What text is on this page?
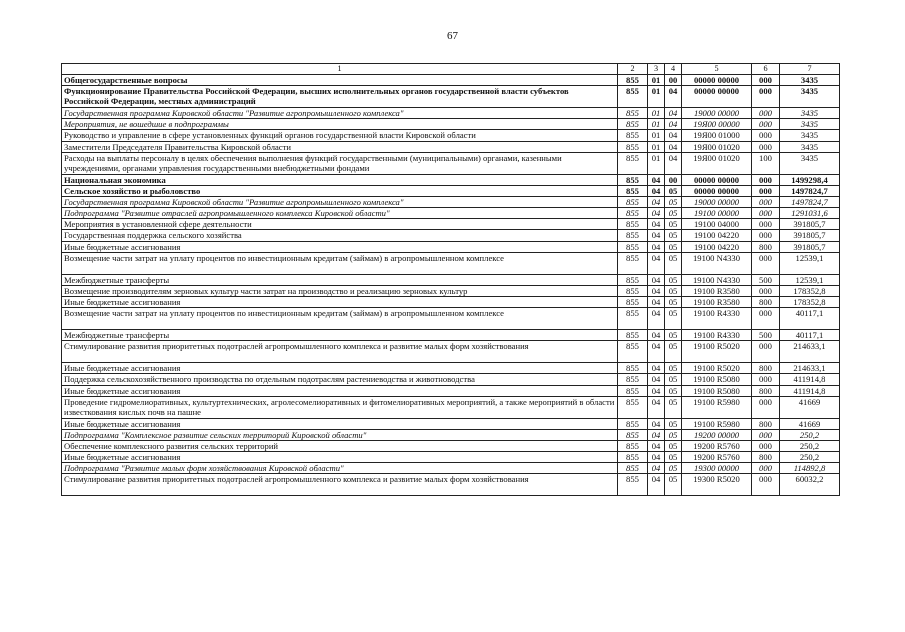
67
1	2	3	4	5	6	7
Общегосударственные вопросы	855	01	00	00000 00000	000	3435
Функционирование Правительства Российской Федерации, высших исполнительных органов государственной власти субъектов Российской Федерации, местных администраций	855	01	04	00000 00000	000	3435
Государственная программа Кировской области "Развитие агропромышленного комплекса"	855	01	04	19000 00000	000	3435
Мероприятия, не вошедшие в подпрограммы	855	01	04	19Я00 00000	000	3435
Руководство и управление в сфере установленных функций органов государственной власти Кировской области	855	01	04	19Я00 01000	000	3435
Заместители Председателя Правительства Кировской области	855	01	04	19Я00 01020	000	3435
Расходы на выплаты персоналу в целях обеспечения выполнения функций государственными (муниципальными) органами, казенными учреждениями, органами управления государственными внебюджетными фондами	855	01	04	19Я00 01020	100	3435
Национальная экономика	855	04	00	00000 00000	000	1499298,4
Сельское хозяйство и рыболовство	855	04	05	00000 00000	000	1497824,7
Государственная программа Кировской области "Развитие агропромышленного комплекса"	855	04	05	19000 00000	000	1497824,7
Подпрограмма "Развитие отраслей агропромышленного комплекса Кировской области"	855	04	05	19100 00000	000	1291031,6
Мероприятия в установленной сфере деятельности	855	04	05	19100 04000	000	391805,7
Государственная поддержка сельского хозяйства	855	04	05	19100 04220	000	391805,7
Иные бюджетные ассигнования	855	04	05	19100 04220	800	391805,7
Возмещение части затрат на уплату процентов по инвестиционным кредитам (займам) в агропромышленном комплексе	855	04	05	19100 N4330	000	12539,1
Межбюджетные трансферты	855	04	05	19100 N4330	500	12539,1
Возмещение производителям зерновых культур части затрат на производство и реализацию зерновых культур	855	04	05	19100 R3580	000	178352,8
Иные бюджетные ассигнования	855	04	05	19100 R3580	800	178352,8
Возмещение части затрат на уплату процентов по инвестиционным кредитам (займам) в агропромышленном комплексе	855	04	05	19100 R4330	000	40117,1
Межбюджетные трансферты	855	04	05	19100 R4330	500	40117,1
Стимулирование развития приоритетных подотраслей агропромышленного комплекса и развитие малых форм хозяйствования	855	04	05	19100 R5020	000	214633,1
Иные бюджетные ассигнования	855	04	05	19100 R5020	800	214633,1
Поддержка сельскохозяйственного производства по отдельным подотраслям растениеводства и животноводства	855	04	05	19100 R5080	000	411914,8
Иные бюджетные ассигнования	855	04	05	19100 R5080	800	411914,8
Проведение гидромелиоративных, культуртехнических, агролесомелиоративных и фитомелиоративных мероприятий, а также мероприятий в области известкования кислых почв на пашне	855	04	05	19100 R5980	000	41669
Иные бюджетные ассигнования	855	04	05	19100 R5980	800	41669
Подпрограмма "Комплексное развитие сельских территорий Кировской области"	855	04	05	19200 00000	000	250,2
Обеспечение комплексного развития сельских территорий	855	04	05	19200 R5760	000	250,2
Иные бюджетные ассигнования	855	04	05	19200 R5760	800	250,2
Подпрограмма "Развитие малых форм хозяйствования Кировской области"	855	04	05	19300 00000	000	114892,8
Стимулирование развития приоритетных подотраслей агропромышленного комплекса и развитие малых форм хозяйствования	855	04	05	19300 R5020	000	60032,2
